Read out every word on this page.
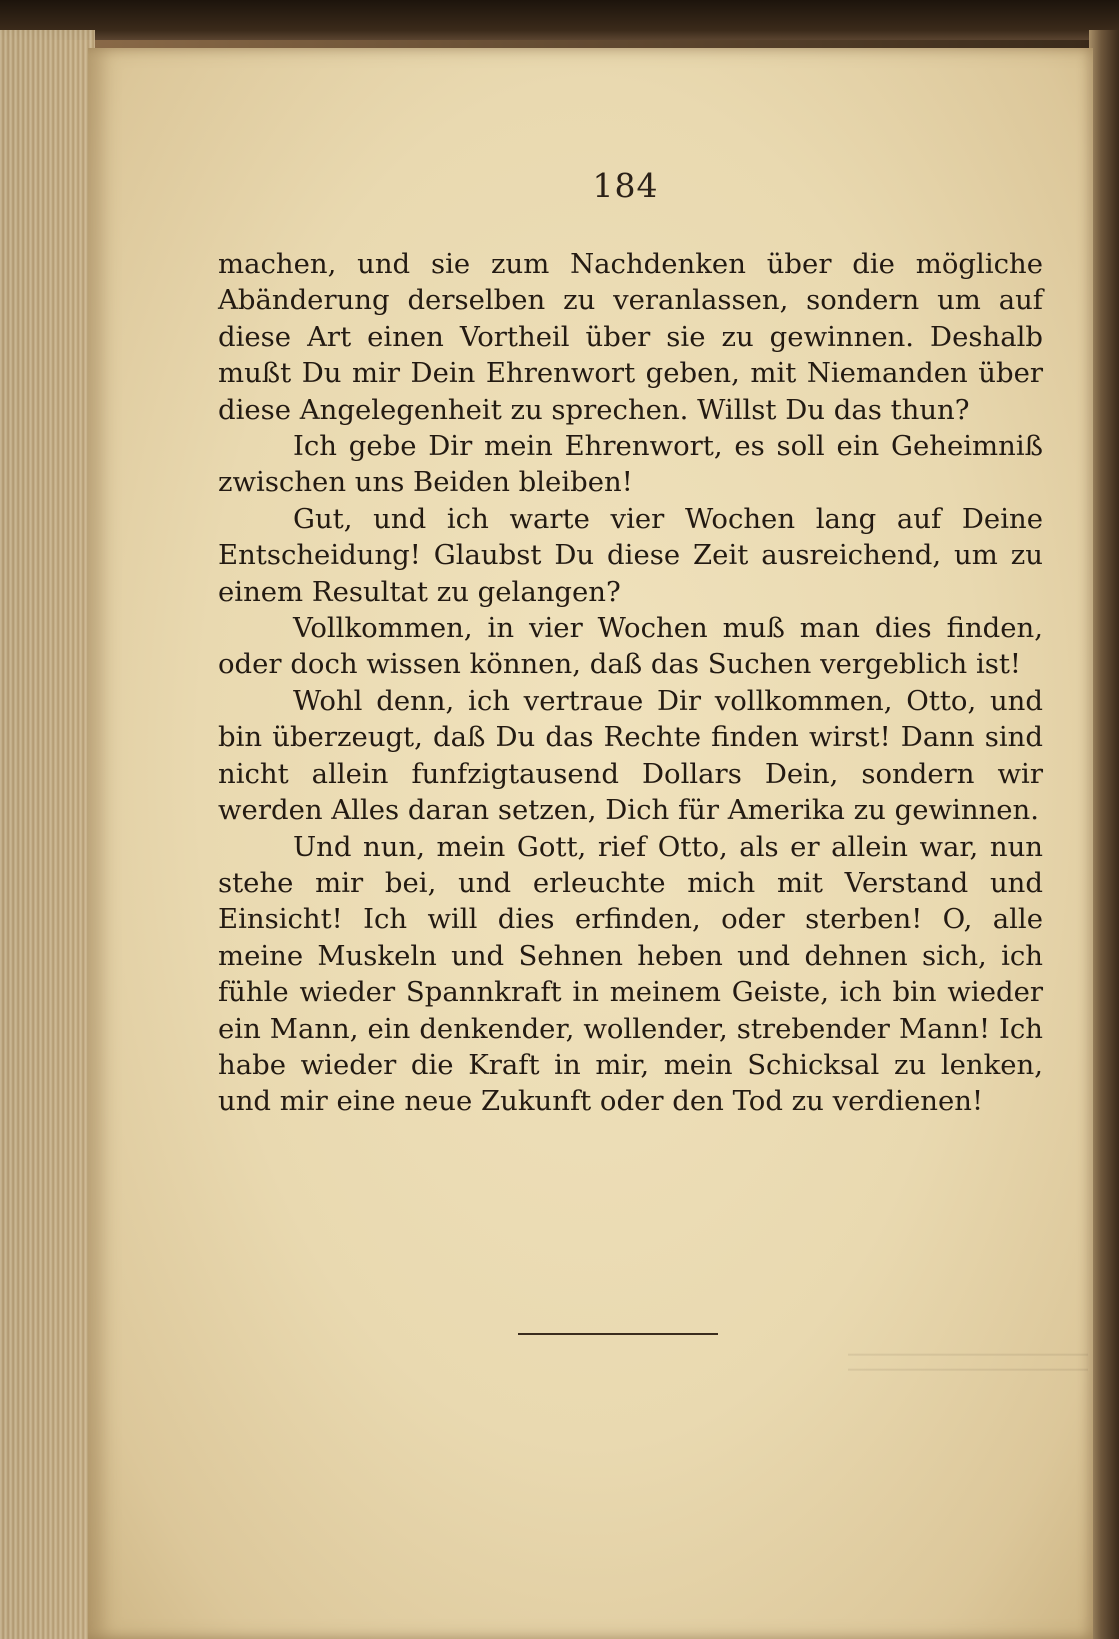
184

machen, und sie zum Nachdenken über die mögliche Abänderung derselben zu veranlassen, sondern um auf diese Art einen Vortheil über sie zu gewinnen. Deshalb mußt Du mir Dein Ehrenwort geben, mit Niemanden über diese Angelegenheit zu sprechen. Willst Du das thun?

Ich gebe Dir mein Ehrenwort, es soll ein Geheimniß zwischen uns Beiden bleiben!

Gut, und ich warte vier Wochen lang auf Deine Entscheidung! Glaubst Du diese Zeit ausreichend, um zu einem Resultat zu gelangen?

Vollkommen, in vier Wochen muß man dies finden, oder doch wissen können, daß das Suchen vergeblich ist!

Wohl denn, ich vertraue Dir vollkommen, Otto, und bin überzeugt, daß Du das Rechte finden wirst! Dann sind nicht allein funfzigtausend Dollars Dein, sondern wir werden Alles daran setzen, Dich für Amerika zu gewinnen.

Und nun, mein Gott, rief Otto, als er allein war, nun stehe mir bei, und erleuchte mich mit Verstand und Einsicht! Ich will dies erfinden, oder sterben! O, alle meine Muskeln und Sehnen heben und dehnen sich, ich fühle wieder Spannkraft in meinem Geiste, ich bin wieder ein Mann, ein denkender, wollender, strebender Mann! Ich habe wieder die Kraft in mir, mein Schicksal zu lenken, und mir eine neue Zukunft oder den Tod zu verdienen!
